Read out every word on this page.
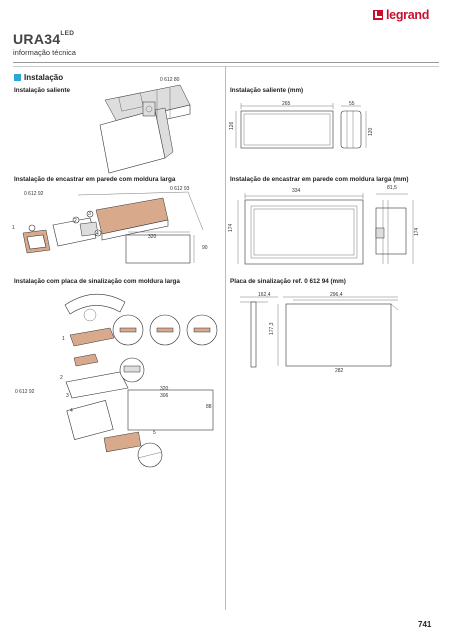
legrand
$URA34^{LED}$
informação técnica
Instalação
Instalação saliente
0 612 80
Instalação saliente (mm)
265
126
55
120
Instalação de encastrar em parede com moldura larga
0 612 92
0 612 93
1
2
3
4	320
90
Instalação de encastrar em parede com moldura larga (mm)
334
174
81,5
174
Instalação com placa de sinalização com moldura larga
1
2
3
4
5
0 612 92	320
306
88
Placa de sinalização ref. 0 612 94 (mm)
162,4	296,4
177,3
282
741
